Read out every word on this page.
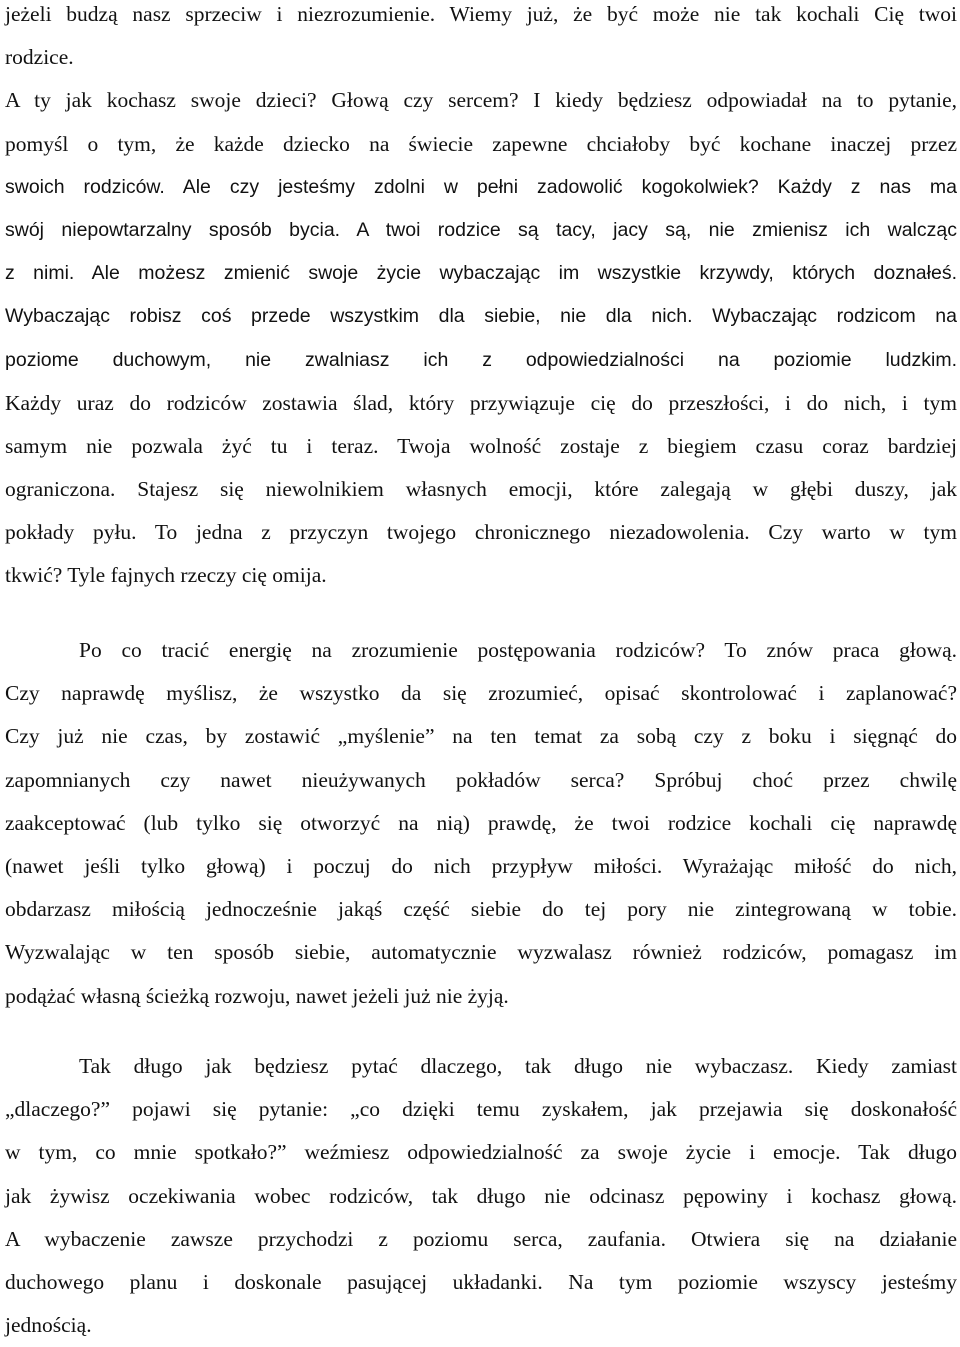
jeżeli budzą nasz sprzeciw i niezrozumienie. Wiemy już, że być może nie tak kochali Cię twoi
rodzice.
A ty jak kochasz swoje dzieci? Głową czy sercem? I kiedy będziesz odpowiadał na to pytanie,
pomyśl o tym, że każde dziecko na świecie zapewne chciałoby być kochane inaczej przez
swoich rodziców. Ale czy jesteśmy zdolni w pełni zadowolić kogokolwiek? Każdy z nas ma
swój niepowtarzalny sposób bycia. A twoi rodzice są tacy, jacy są, nie zmienisz ich walcząc
z nimi. Ale możesz zmienić swoje życie wybaczając im wszystkie krzywdy, których doznałeś.
Wybaczając robisz coś przede wszystkim dla siebie, nie dla nich. Wybaczając rodzicom na
poziome duchowym, nie zwalniasz ich z odpowiedzialności na poziomie ludzkim.
Każdy uraz do rodziców zostawia ślad, który przywiązuje cię do przeszłości, i do nich, i tym
samym nie pozwala żyć tu i teraz. Twoja wolność zostaje z biegiem czasu coraz bardziej
ograniczona. Stajesz się niewolnikiem własnych emocji, które zalegają w głębi duszy, jak
pokłady pyłu. To jedna z przyczyn twojego chronicznego niezadowolenia. Czy warto w tym
tkwić? Tyle fajnych rzeczy cię omija.
Po co tracić energię na zrozumienie postępowania rodziców? To znów praca głową.
Czy naprawdę myślisz, że wszystko da się zrozumieć, opisać skontrolować i zaplanować?
Czy już nie czas, by zostawić „myślenie” na ten temat za sobą czy z boku i sięgnąć do
zapomnianych czy nawet nieużywanych pokładów serca? Spróbuj choć przez chwilę
zaakceptować (lub tylko się otworzyć na nią) prawdę, że twoi rodzice kochali cię naprawdę
(nawet jeśli tylko głową) i poczuj do nich przypływ miłości. Wyrażając miłość do nich,
obdarzasz miłością jednocześnie jakąś część siebie do tej pory nie zintegrowaną w tobie.
Wyzwalając w ten sposób siebie, automatycznie wyzwalasz również rodziców, pomagasz im
podążać własną ścieżką rozwoju, nawet jeżeli już nie żyją.
Tak długo jak będziesz pytać dlaczego, tak długo nie wybaczasz. Kiedy zamiast
„dlaczego?” pojawi się pytanie: „co dzięki temu zyskałem, jak przejawia się doskonałość
w tym, co mnie spotkało?” weźmiesz odpowiedzialność za swoje życie i emocje. Tak długo
jak żywisz oczekiwania wobec rodziców, tak długo nie odcinasz pępowiny i kochasz głową.
A wybaczenie zawsze przychodzi z poziomu serca, zaufania. Otwiera się na działanie
duchowego planu i doskonale pasującej układanki. Na tym poziomie wszyscy jesteśmy
jednością.
